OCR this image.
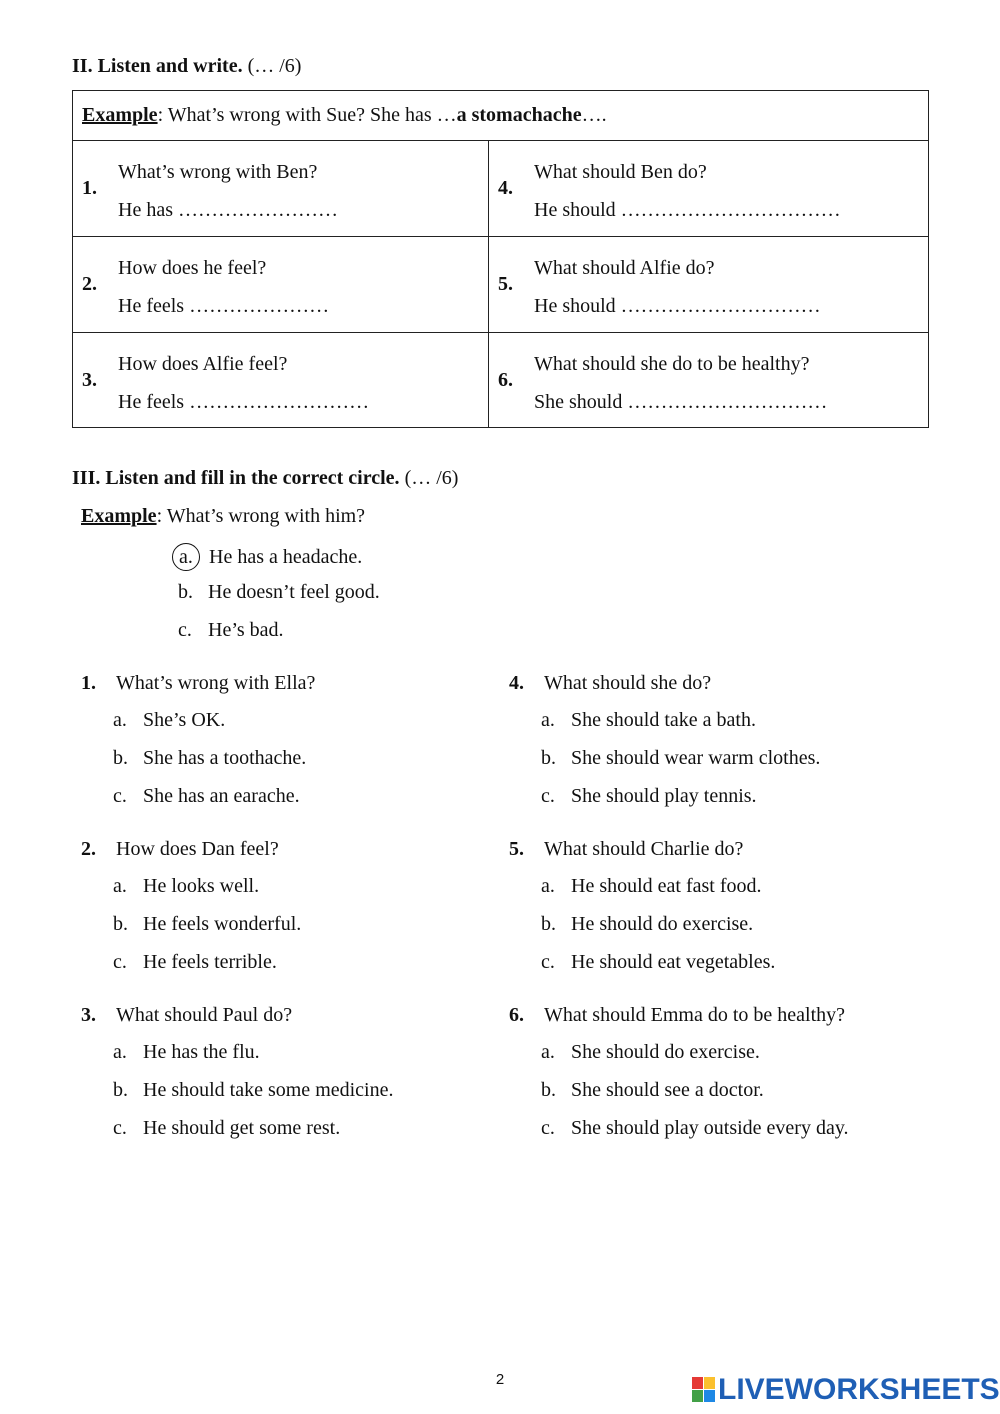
II. Listen and write. (… /6)
Example: What’s wrong with Sue? She has …a stomachache….
1.
What’s wrong with Ben?
He has ……………………
2.
How does he feel?
He feels …………………
3.
How does Alfie feel?
He feels ………………………
4.
What should Ben do?
He should ……………………………
5.
What should Alfie do?
He should …………………………
6.
What should she do to be healthy?
She should …………………………
III. Listen and fill in the correct circle. (… /6)
Example: What’s wrong with him?
a. He has a headache.
b. He doesn’t feel good.
c. He’s bad.
1. What’s wrong with Ella?
a. She’s OK.
b. She has a toothache.
c. She has an earache.
2. How does Dan feel?
a. He looks well.
b. He feels wonderful.
c. He feels terrible.
3. What should Paul do?
a. He has the flu.
b. He should take some medicine.
c. He should get some rest.
4. What should she do?
a. She should take a bath.
b. She should wear warm clothes.
c. She should play tennis.
5. What should Charlie do?
a. He should eat fast food.
b. He should do exercise.
c. He should eat vegetables.
6. What should Emma do to be healthy?
a. She should do exercise.
b. She should see a doctor.
c. She should play outside every day.
2	LIVEWORKSHEETS
